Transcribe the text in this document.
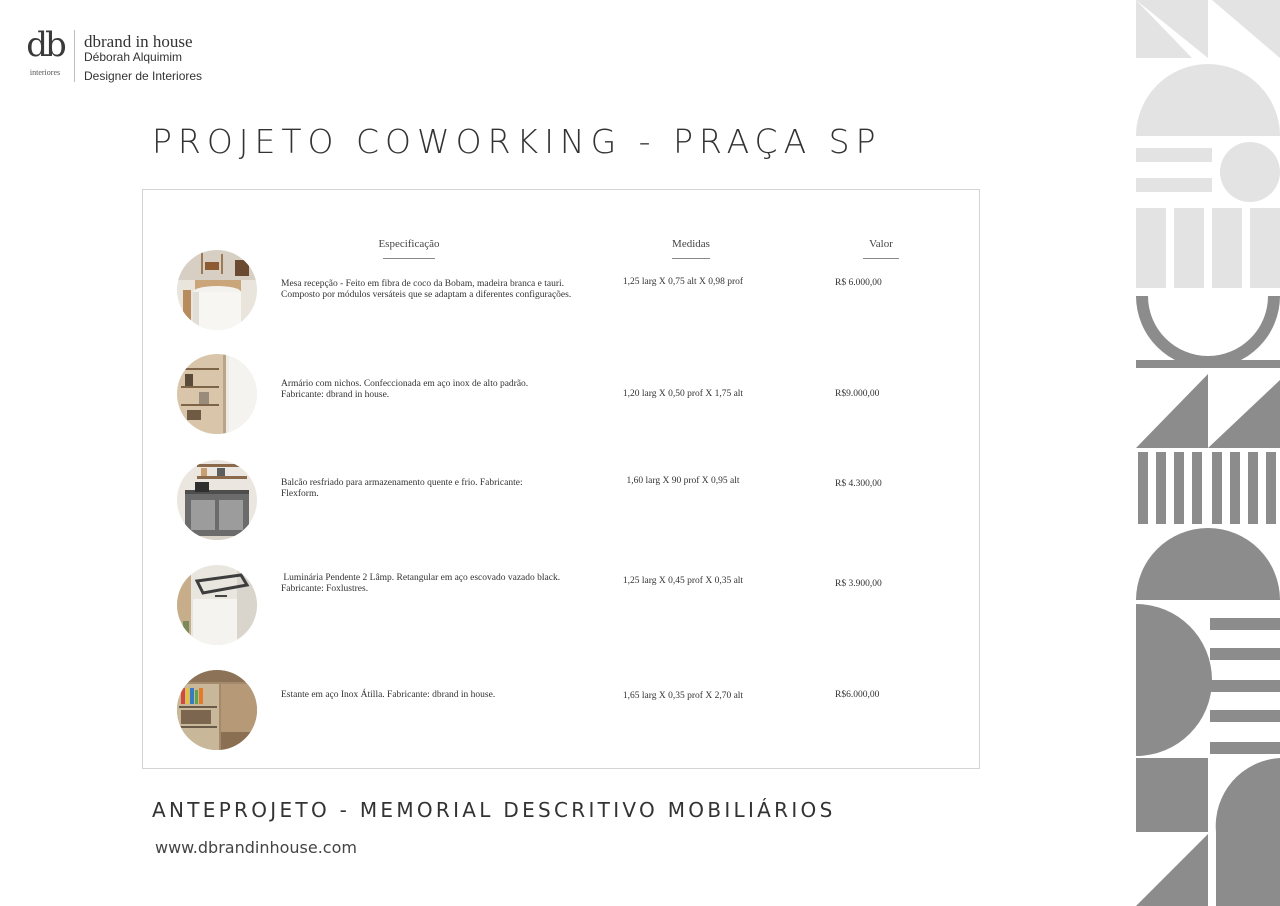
db
interiores
dbrand in house
Déborah Alquimim
Designer de Interiores
PROJETO COWORKING - PRAÇA SP
Especificação	Medidas	Valor
Mesa recepção - Feito em fibra de coco da Bobam, madeira branca e tauri.
Composto por módulos versáteis que se adaptam a diferentes configurações.
1,25 larg X 0,75 alt X 0,98 prof	R$ 6.000,00
Armário com nichos. Confeccionada em aço inox de alto padrão.
Fabricante: dbrand in house.	1,20 larg X 0,50 prof X 1,75 alt	R$9.000,00
Balcão resfriado para armazenamento quente e frio. Fabricante:
Flexform.
1,60 larg X 90 prof X 0,95 alt	R$ 4.300,00
Luminária Pendente 2 Lâmp. Retangular em aço escovado vazado black.
Fabricante: Foxlustres.
1,25 larg X 0,45 prof X 0,35 alt	R$ 3.900,00
Estante em aço Inox Átilla. Fabricante: dbrand in house.	1,65 larg X 0,35 prof X 2,70 alt	R$6.000,00
ANTEPROJETO - MEMORIAL DESCRITIVO MOBILIÁRIOS
www.dbrandinhouse.com
